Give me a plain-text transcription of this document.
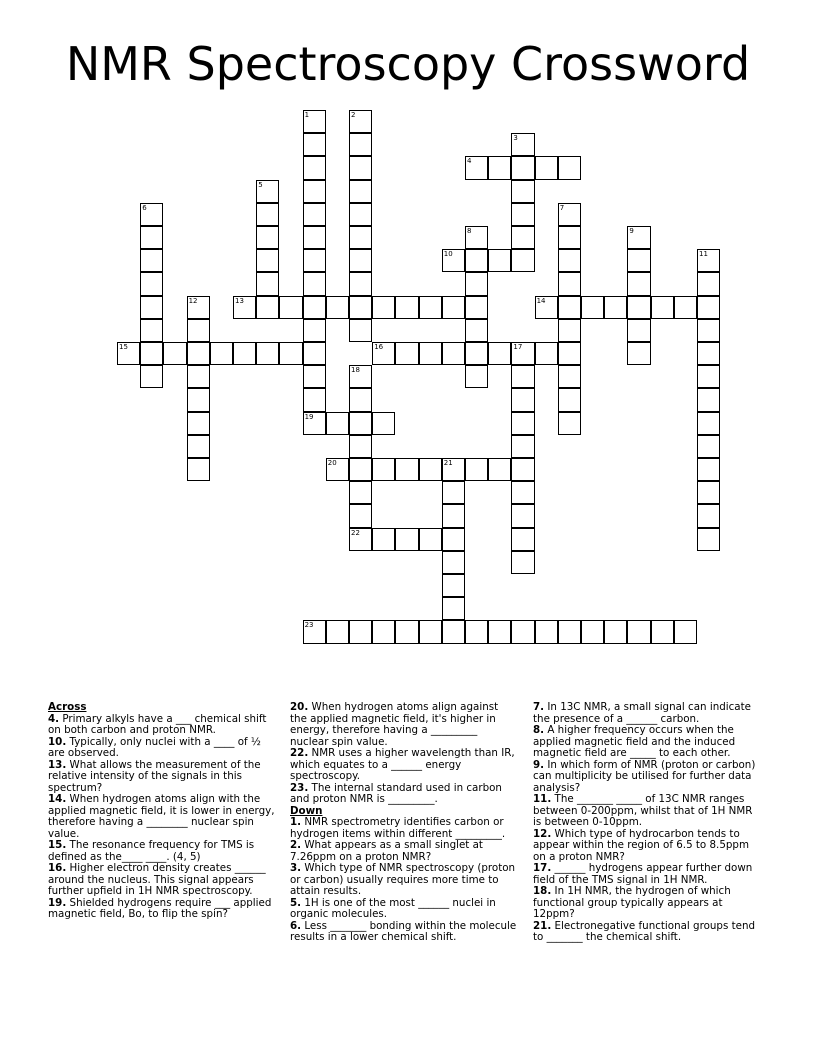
NMR Spectroscopy Crossword
1	2
3
4
5
6	7
8	9
10	11
12	13	14
15	16	17
18
19
20	21
22
23
Across

4. Primary alkyls have a ___ chemical shift on both carbon and proton NMR.

10. Typically, only nuclei with a ____ of ½ are observed.

13. What allows the measurement of the relative intensity of the signals in this spectrum?

14. When hydrogen atoms align with the applied magnetic field, it is lower in energy, therefore having a ________ nuclear spin value.

15. The resonance frequency for TMS is defined as the____ ____. (4, 5)

16. Higher electron density creates ______ around the nucleus. This signal appears further upfield in 1H NMR spectroscopy.

19. Shielded hydrogens require ___ applied magnetic field, Bo, to flip the spin?

20. When hydrogen atoms align against the applied magnetic field, it's higher in energy, therefore having a _________ nuclear spin value.

22. NMR uses a higher wavelength than IR, which equates to a ______ energy spectroscopy.

23. The internal standard used in carbon and proton NMR is _________.

Down

1. NMR spectrometry identifies carbon or hydrogen items within different _________.

2. What appears as a small singlet at 7.26ppm on a proton NMR?

3. Which type of NMR spectroscopy (proton or carbon) usually requires more time to attain results.

5. 1H is one of the most ______ nuclei in organic molecules.

6. Less _______ bonding within the molecule results in a lower chemical shift.

7. In 13C NMR, a small signal can indicate the presence of a ______ carbon.

8. A higher frequency occurs when the applied magnetic field and the induced magnetic field are _____ to each other.

9. In which form of NMR (proton or carbon) can multiplicity be utilised for further data analysis?

11. The _______ _____ of 13C NMR ranges between 0-200ppm, whilst that of 1H NMR is between 0-10ppm.

12. Which type of hydrocarbon tends to appear within the region of 6.5 to 8.5ppm on a proton NMR?

17. ______ hydrogens appear further down field of the TMS signal in 1H NMR.

18. In 1H NMR, the hydrogen of which functional group typically appears at 12ppm?

21. Electronegative functional groups tend to _______ the chemical shift.
